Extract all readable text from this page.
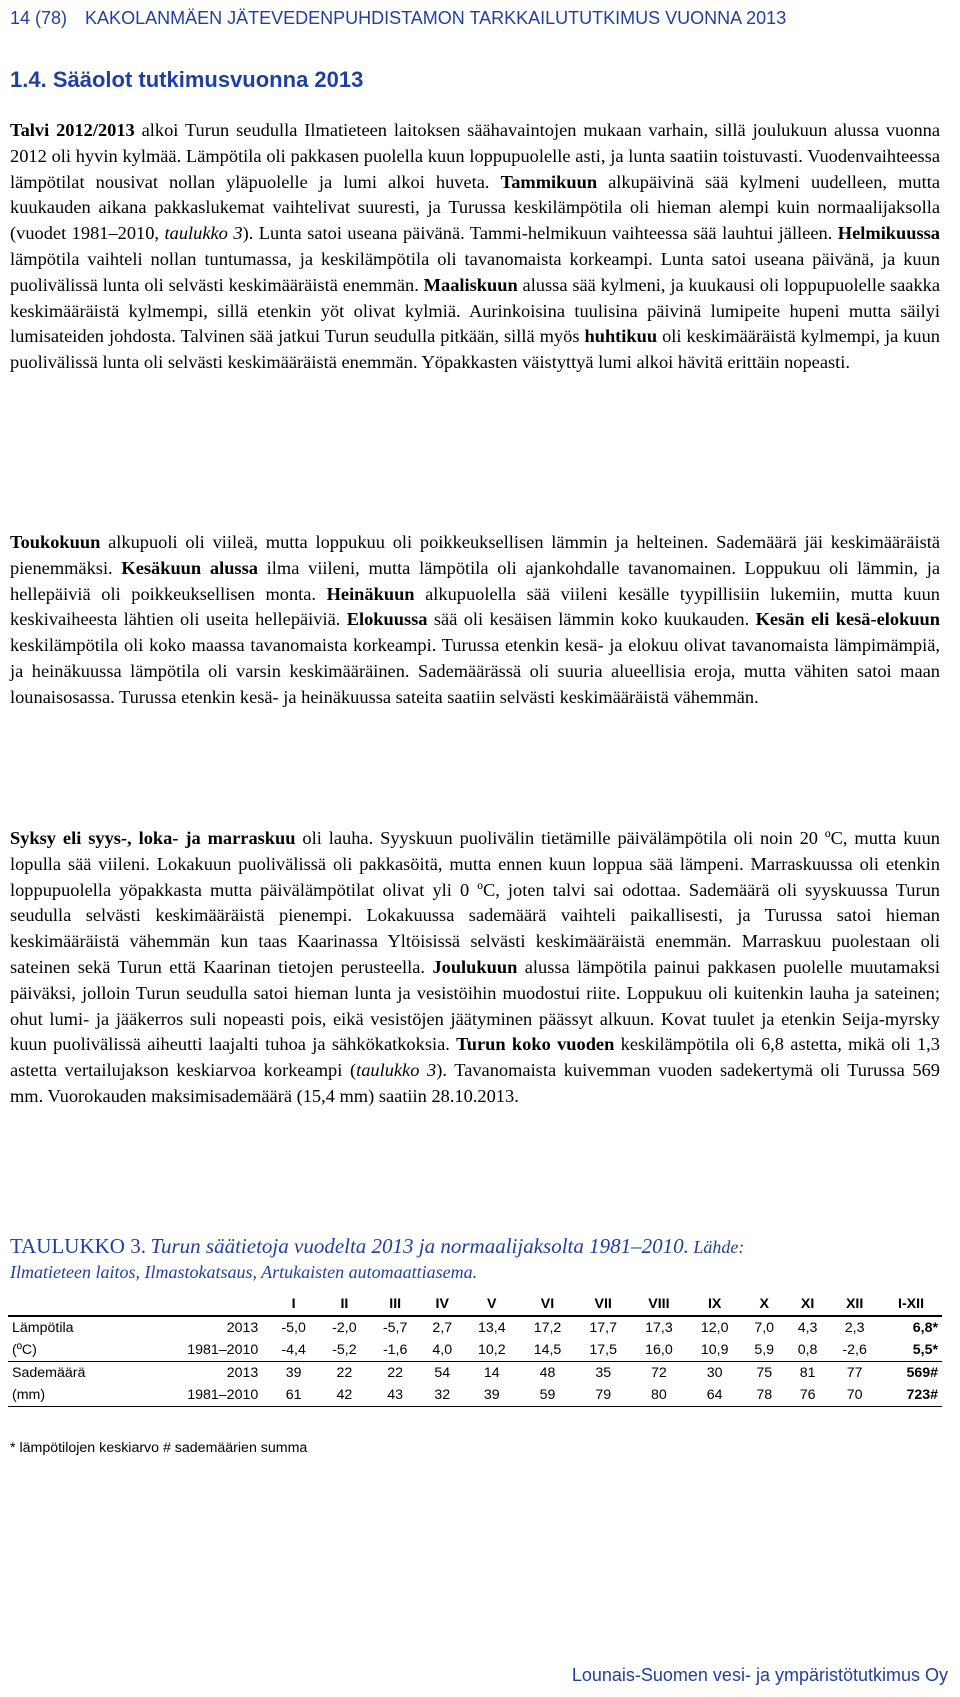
14 (78) KAKOLANMÄEN JÄTEVEDENPUHDISTAMON TARKKAILUTUTKIMUS VUONNA 2013
1.4. Sääolot tutkimusvuonna 2013

Talvi 2012/2013 alkoi Turun seudulla Ilmatieteen laitoksen säähavaintojen mukaan varhain, sillä joulukuun alussa vuonna 2012 oli hyvin kylmää. Lämpötila oli pakkasen puolella kuun loppupuolelle asti, ja lunta saatiin toistuvasti. Vuodenvaihteessa lämpötilat nousivat nollan yläpuolelle ja lumi alkoi huveta. Tammikuun alkupäivinä sää kylmeni uudelleen, mutta kuukauden aikana pakkaslukemat vaihtelivat suuresti, ja Turussa keskilämpötila oli hieman alempi kuin normaalijaksolla (vuodet 1981–2010, taulukko 3). Lunta satoi useana päivänä. Tammi-helmikuun vaihteessa sää lauhtui jälleen. Helmikuussa lämpötila vaihteli nollan tuntumassa, ja keskilämpötila oli tavanomaista korkeampi. Lunta satoi useana päivänä, ja kuun puolivälissä lunta oli selvästi keskimääräistä enemmän. Maaliskuun alussa sää kylmeni, ja kuukausi oli loppupuolelle saakka keskimääräistä kylmempi, sillä etenkin yöt olivat kylmiä. Aurinkoisina tuulisina päivinä lumipeite hupeni mutta säilyi lumisateiden johdosta. Talvinen sää jatkui Turun seudulla pitkään, sillä myös huhtikuu oli keskimääräistä kylmempi, ja kuun puolivälissä lunta oli selvästi keskimääräistä enemmän. Yöpakkasten väistyttyä lumi alkoi hävitä erittäin nopeasti.

Toukokuun alkupuoli oli viileä, mutta loppukuu oli poikkeuksellisen lämmin ja helteinen. Sademäärä jäi keskimääräistä pienemmäksi. Kesäkuun alussa ilma viileni, mutta lämpötila oli ajankohdalle tavanomainen. Loppukuu oli lämmin, ja hellepäiviä oli poikkeuksellisen monta. Heinäkuun alkupuolella sää viileni kesälle tyypillisiin lukemiin, mutta kuun keskivaiheesta lähtien oli useita hellepäiviä. Elokuussa sää oli kesäisen lämmin koko kuukauden. Kesän eli kesä-elokuun keskilämpötila oli koko maassa tavanomaista korkeampi. Turussa etenkin kesä- ja elokuu olivat tavanomaista lämpimämpiä, ja heinäkuussa lämpötila oli varsin keskimääräinen. Sademäärässä oli suuria alueellisia eroja, mutta vähiten satoi maan lounaisosassa. Turussa etenkin kesä- ja heinäkuussa sateita saatiin selvästi keskimääräistä vähemmän.

Syksy eli syys-, loka- ja marraskuu oli lauha. Syyskuun puolivälin tietämille päivälämpötila oli noin 20 ºC, mutta kuun lopulla sää viileni. Lokakuun puolivälissä oli pakkasöitä, mutta ennen kuun loppua sää lämpeni. Marraskuussa oli etenkin loppupuolella yöpakkasta mutta päivälämpötilat olivat yli 0 ºC, joten talvi sai odottaa. Sademäärä oli syyskuussa Turun seudulla selvästi keskimääräistä pienempi. Lokakuussa sademäärä vaihteli paikallisesti, ja Turussa satoi hieman keskimääräistä vähemmän kun taas Kaarinassa Yltöisissä selvästi keskimääräistä enemmän. Marraskuu puolestaan oli sateinen sekä Turun että Kaarinan tietojen perusteella. Joulukuun alussa lämpötila painui pakkasen puolelle muutamaksi päiväksi, jolloin Turun seudulla satoi hieman lunta ja vesistöihin muodostui riite. Loppukuu oli kuitenkin lauha ja sateinen; ohut lumi- ja jääkerros suli nopeasti pois, eikä vesistöjen jäätyminen päässyt alkuun. Kovat tuulet ja etenkin Seija-myrsky kuun puolivälissä aiheutti laajalti tuhoa ja sähkökatkoksia. Turun koko vuoden keskilämpötila oli 6,8 astetta, mikä oli 1,3 astetta vertailujakson keskiarvoa korkeampi (taulukko 3). Tavanomaista kuivemman vuoden sadekertymä oli Turussa 569 mm. Vuorokauden maksimisademäärä (15,4 mm) saatiin 28.10.2013.

TAULUKKO 3. Turun säätietoja vuodelta 2013 ja normaalijaksolta 1981–2010. Lähde:
Ilmatieteen laitos, Ilmastokatsaus, Artukaisten automaattiasema.
		I	II	III	IV	V	VI	VII	VIII	IX	X	XI	XII	I-XII
Lämpötila	2013	-5,0	-2,0	-5,7	2,7	13,4	17,2	17,7	17,3	12,0	7,0	4,3	2,3	6,8*
(ºC)	1981–2010	-4,4	-5,2	-1,6	4,0	10,2	14,5	17,5	16,0	10,9	5,9	0,8	-2,6	5,5*
Sademäärä	2013	39	22	22	54	14	48	35	72	30	75	81	77	569#
(mm)	1981–2010	61	42	43	32	39	59	79	80	64	78	76	70	723#
* lämpötilojen keskiarvo # sademäärien summa
Lounais-Suomen vesi- ja ympäristötutkimus Oy
